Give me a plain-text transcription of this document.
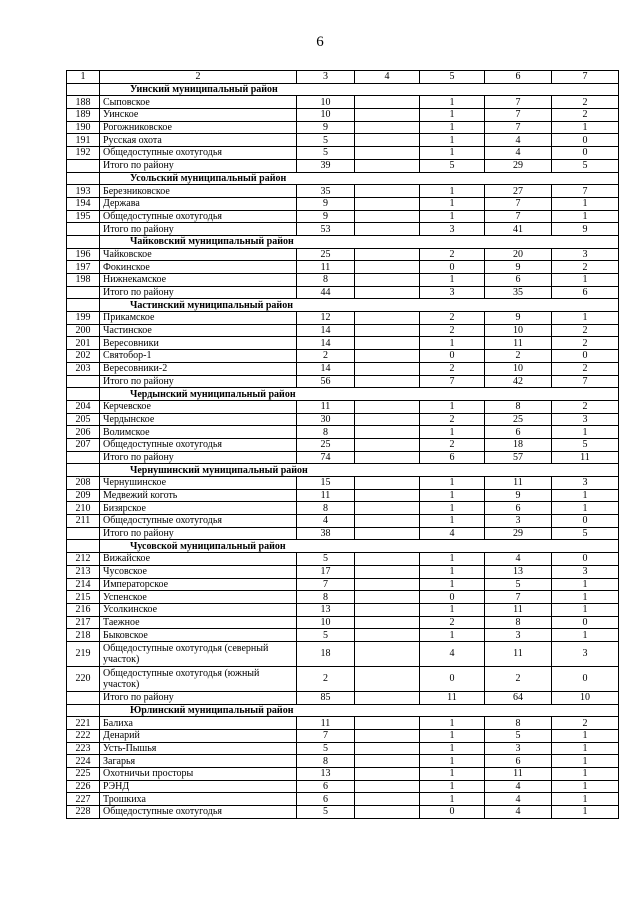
6
1	2	3	4	5	6	7
	Уинский муниципальный район					
188	Сыповское	10		1	7	2
189	Уинское	10		1	7	2
190	Рогожниковское	9		1	7	1
191	Русская охота	5		1	4	0
192	Общедоступные охотугодья	5		1	4	0
	Итого по району	39		5	29	5
	Усольский муниципальный район					
193	Березниковское	35		1	27	7
194	Держава	9		1	7	1
195	Общедоступные охотугодья	9		1	7	1
	Итого по району	53		3	41	9
	Чайковский муниципальный район					
196	Чайковское	25		2	20	3
197	Фокинское	11		0	9	2
198	Нижнекамское	8		1	6	1
	Итого по району	44		3	35	6
	Частинский муниципальный район					
199	Прикамское	12		2	9	1
200	Частинское	14		2	10	2
201	Вересовники	14		1	11	2
202	Святобор-1	2		0	2	0
203	Вересовники-2	14		2	10	2
	Итого по району	56		7	42	7
	Чердынский муниципальный район					
204	Керчевское	11		1	8	2
205	Чердынское	30		2	25	3
206	Волимское	8		1	6	1
207	Общедоступные охотугодья	25		2	18	5
	Итого по району	74		6	57	11
	Чернушинский муниципальный район					
208	Чернушинское	15		1	11	3
209	Медвежий коготь	11		1	9	1
210	Бизярское	8		1	6	1
211	Общедоступные охотугодья	4		1	3	0
	Итого по району	38		4	29	5
	Чусовской муниципальный район					
212	Вижайское	5		1	4	0
213	Чусовское	17		1	13	3
214	Императорское	7		1	5	1
215	Успенское	8		0	7	1
216	Усолкинское	13		1	11	1
217	Таежное	10		2	8	0
218	Быковское	5		1	3	1
219	Общедоступные охотугодья (северный участок)	18		4	11	3
220	Общедоступные охотугодья (южный участок)	2		0	2	0
	Итого по району	85		11	64	10
	Юрлинский муниципальный район					
221	Балиха	11		1	8	2
222	Денарий	7		1	5	1
223	Усть-Пышья	5		1	3	1
224	Загарья	8		1	6	1
225	Охотничьи просторы	13		1	11	1
226	РЭНД	6		1	4	1
227	Трошкиха	6		1	4	1
228	Общедоступные охотугодья	5		0	4	1
